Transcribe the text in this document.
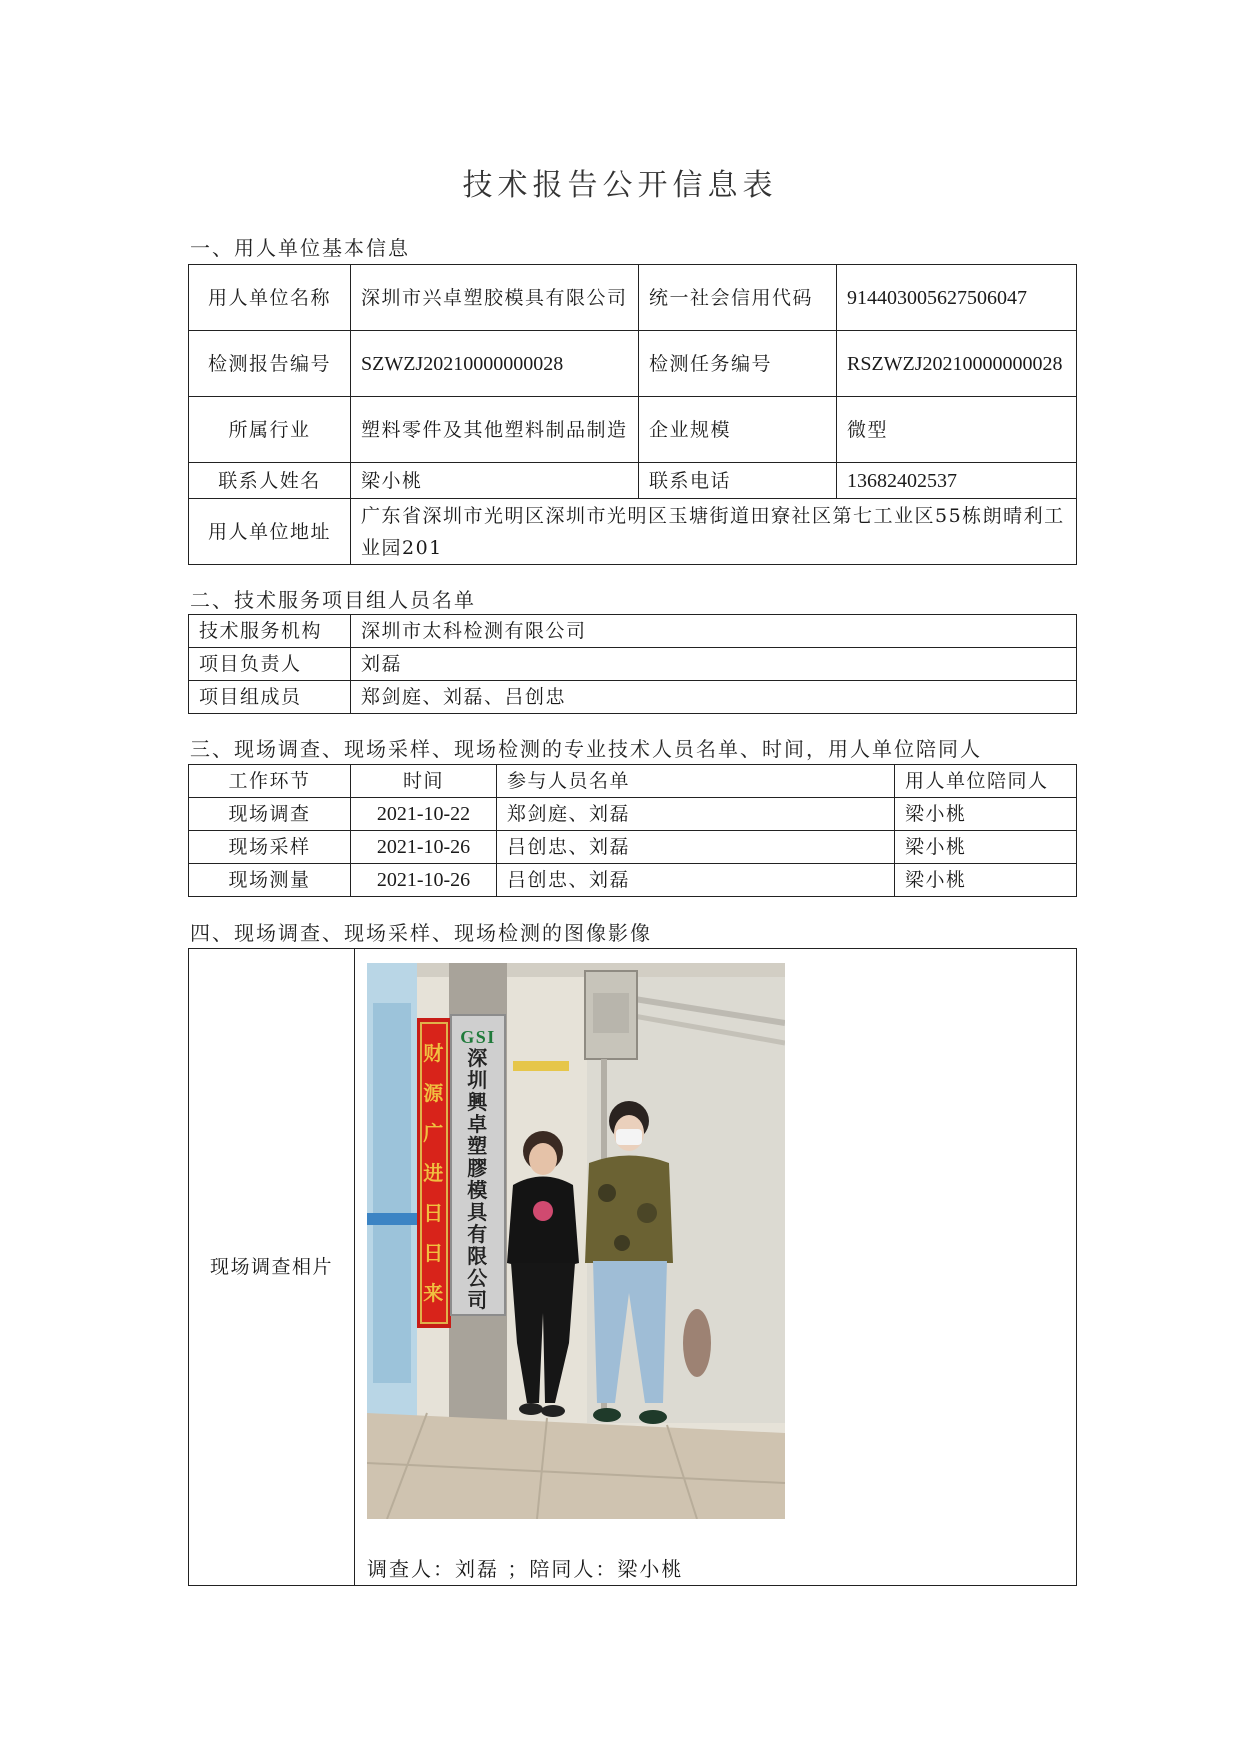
技术报告公开信息表
一、用人单位基本信息
用人单位名称	深圳市兴卓塑胶模具有限公司	统一社会信用代码	914403005627506047
检测报告编号	SZWZJ20210000000028	检测任务编号	RSZWZJ20210000000028
所属行业	塑料零件及其他塑料制品制造	企业规模	微型
联系人姓名	梁小桃	联系电话	13682402537
用人单位地址	广东省深圳市光明区深圳市光明区玉塘街道田寮社区第七工业区55栋朗晴利工业园201		
二、技术服务项目组人员名单
技术服务机构	深圳市太科检测有限公司
项目负责人	刘磊
项目组成员	郑剑庭、刘磊、吕创忠
三、现场调查、现场采样、现场检测的专业技术人员名单、时间，用人单位陪同人
工作环节	时间	参与人员名单	用人单位陪同人
现场调查	2021-10-22	郑剑庭、刘磊	梁小桃
现场采样	2021-10-26	吕创忠、刘磊	梁小桃
现场测量	2021-10-26	吕创忠、刘磊	梁小桃
四、现场调查、现场采样、现场检测的图像影像
现场调查相片	
GSI
深圳興卓塑膠模具有限公司
财源广进日日来
调查人：刘磊 ；陪同人：梁小桃
